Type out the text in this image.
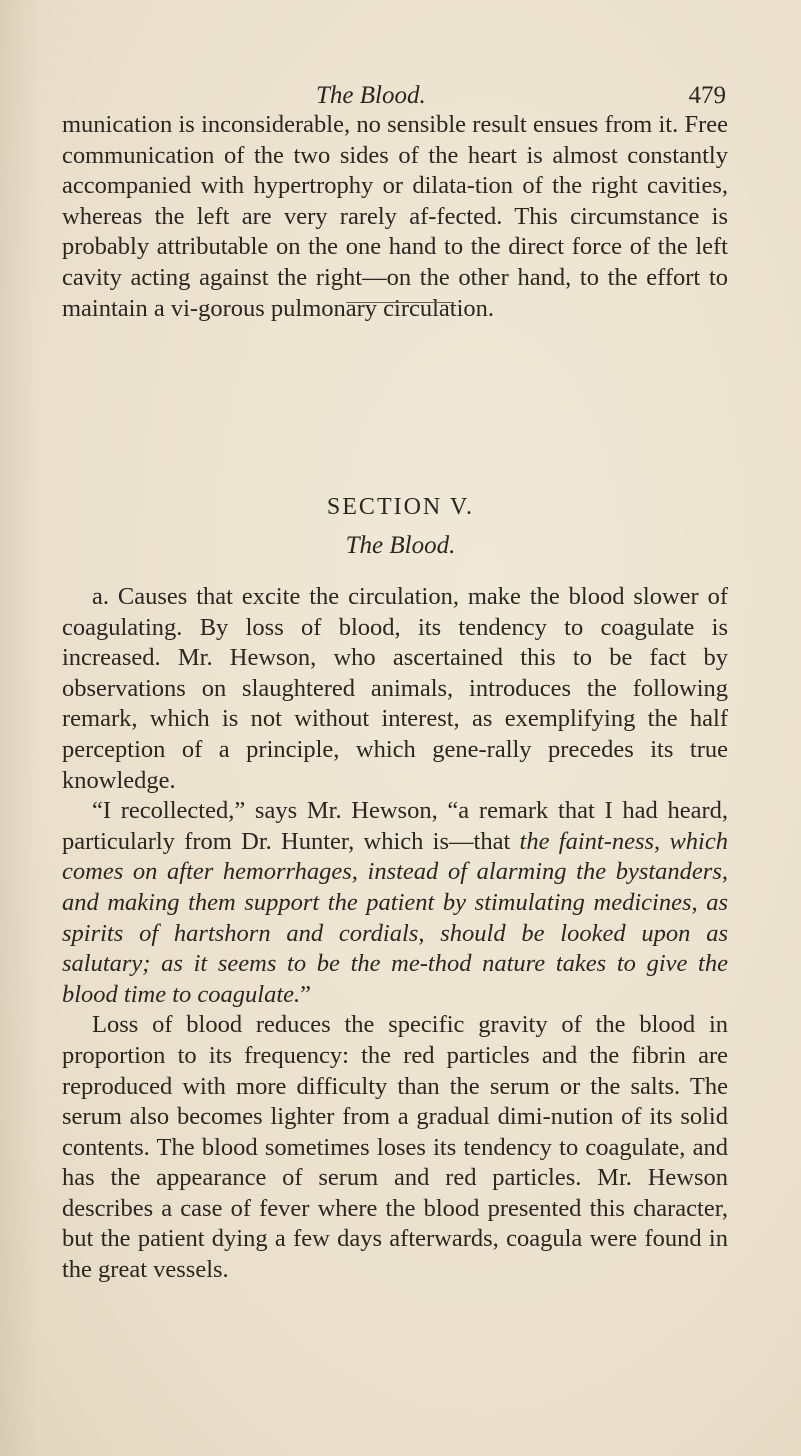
The Blood.	479

munication is inconsiderable, no sensible result ensues from it. Free communication of the two sides of the heart is almost constantly accompanied with hypertrophy or dilata-tion of the right cavities, whereas the left are very rarely af-fected. This circumstance is probably attributable on the one hand to the direct force of the left cavity acting against the right—on the other hand, to the effort to maintain a vi-gorous pulmonary circulation.

SECTION V.
The Blood.

a. Causes that excite the circulation, make the blood slower of coagulating. By loss of blood, its tendency to coagulate is increased. Mr. Hewson, who ascertained this to be fact by observations on slaughtered animals, introduces the following remark, which is not without interest, as exemplifying the half perception of a principle, which gene-rally precedes its true knowledge.

“I recollected,” says Mr. Hewson, “a remark that I had heard, particularly from Dr. Hunter, which is—that the faint-ness, which comes on after hemorrhages, instead of alarming the bystanders, and making them support the patient by stimulating medicines, as spirits of hartshorn and cordials, should be looked upon as salutary; as it seems to be the me-thod nature takes to give the blood time to coagulate.”

Loss of blood reduces the specific gravity of the blood in proportion to its frequency: the red particles and the fibrin are reproduced with more difficulty than the serum or the salts. The serum also becomes lighter from a gradual dimi-nution of its solid contents. The blood sometimes loses its tendency to coagulate, and has the appearance of serum and red particles. Mr. Hewson describes a case of fever where the blood presented this character, but the patient dying a few days afterwards, coagula were found in the great vessels.
